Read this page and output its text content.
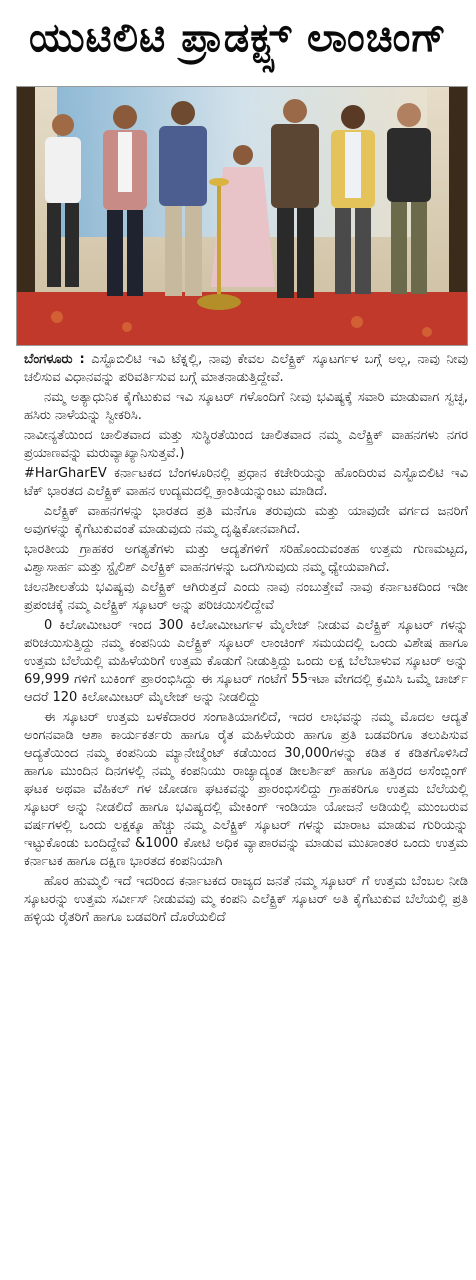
ಯುಟಿಲಿಟಿ ಪ್ರಾಡಕ್ಟ್ಸ್ ಲಾಂಚಿಂಗ್

ಬೆಂಗಳೂರು : ಎಸ್ಟೊಬಿಲಿಟಿ ಇವಿ ಟೆಕ್ನಲ್ಲಿ, ನಾವು ಕೇವಲ ಎಲೆಕ್ಟ್ರಿಕ್ ಸ್ಕೂಟರ್ಗಳ ಬಗ್ಗೆ ಅಲ್ಲ, ನಾವು ನೀವು ಚಲಿಸುವ ವಿಧಾನವನ್ನು ಪರಿವರ್ತಿಸುವ ಬಗ್ಗೆ ಮಾತನಾಡುತ್ತಿದ್ದೇವೆ.

ನಮ್ಮ ಅತ್ಯಾಧುನಿಕ ಕೈಗೆಟುಕುವ ಇವಿ ಸ್ಕೂಟರ್ ಗಳೊಂದಿಗೆ ನೀವು ಭವಿಷ್ಯಕ್ಕೆ ಸವಾರಿ ಮಾಡುವಾಗ ಸ್ವಚ್ಛ, ಹಸಿರು ನಾಳೆಯನ್ನು ಸ್ವೀಕರಿಸಿ.

ನಾವೀನ್ಯತೆಯಿಂದ ಚಾಲಿತವಾದ ಮತ್ತು ಸುಸ್ಥಿರತೆಯಿಂದ ಚಾಲಿತವಾದ ನಮ್ಮ ಎಲೆಕ್ಟ್ರಿಕ್ ವಾಹನಗಳು ನಗರ ಪ್ರಯಾಣವನ್ನು ಮರುವ್ಯಾಖ್ಯಾನಿಸುತ್ತವೆ.)

#HarGharEV ಕರ್ನಾಟಕದ ಬೆಂಗಳೂರಿನಲ್ಲಿ ಪ್ರಧಾನ ಕಚೇರಿಯನ್ನು ಹೊಂದಿರುವ ಎಸ್ಟೊಬಿಲಿಟಿ ಇವಿ ಟೆಕ್ ಭಾರತದ ಎಲೆಕ್ಟ್ರಿಕ್ ವಾಹನ ಉದ್ಯಮದಲ್ಲಿ ಕ್ರಾಂತಿಯನ್ನುಂಟು ಮಾಡಿದೆ.

ಎಲೆಕ್ಟ್ರಿಕ್ ವಾಹನಗಳನ್ನು ಭಾರತದ ಪ್ರತಿ ಮನೆಗೂ ತರುವುದು ಮತ್ತು ಯಾವುದೇ ವರ್ಗದ ಜನರಿಗೆ ಅವುಗಳನ್ನು ಕೈಗೆಟುಕುವಂತೆ ಮಾಡುವುದು ನಮ್ಮ ದೃಷ್ಟಿಕೋನವಾಗಿದೆ.

ಭಾರತೀಯ ಗ್ರಾಹಕರ ಅಗತ್ಯತೆಗಳು ಮತ್ತು ಆದ್ಯತೆಗಳಿಗೆ ಸರಿಹೊಂದುವಂತಹ ಉತ್ತಮ ಗುಣಮಟ್ಟದ, ವಿಶ್ವಾಸಾರ್ಹ ಮತ್ತು ಸ್ಟೈಲಿಶ್ ಎಲೆಕ್ಟ್ರಿಕ್ ವಾಹನಗಳನ್ನು ಒದಗಿಸುವುದು ನಮ್ಮ ಧ್ಯೇಯವಾಗಿದೆ.

ಚಲನಶೀಲತೆಯ ಭವಿಷ್ಯವು ಎಲೆಕ್ಟ್ರಿಕ್ ಆಗಿರುತ್ತದೆ ಎಂದು ನಾವು ನಂಬುತ್ತೇವೆ ನಾವು ಕರ್ನಾಟಕದಿಂದ ಇಡೀ ಪ್ರಪಂಚಕ್ಕೆ ನಮ್ಮ ಎಲೆಕ್ಟ್ರಿಕ್ ಸ್ಕೂಟರ್ ಅನ್ನು ಪರಿಚಯಿಸಲಿದ್ದೇವೆ

0 ಕಿಲೋಮೀಟರ್ ಇಂದ 300 ಕಿಲೋಮೀಟರ್ಗಳ ಮೈಲೇಜ್ ನೀಡುವ ಎಲೆಕ್ಟ್ರಿಕ್ ಸ್ಕೂಟರ್ ಗಳನ್ನು ಪರಿಚಯಿಸುತ್ತಿದ್ದು ನಮ್ಮ ಕಂಪನಿಯ ಎಲೆಕ್ಟ್ರಿಕ್ ಸ್ಕೂಟರ್ ಲಾಂಚಿಂಗ್ ಸಮಯದಲ್ಲಿ ಒಂದು ವಿಶೇಷ ಹಾಗೂ ಉತ್ತಮ ಬೆಲೆಯಲ್ಲಿ ಮಹಿಳೆಯರಿಗೆ ಉತ್ತಮ ಕೊಡುಗೆ ನೀಡುತ್ತಿದ್ದು ಒಂದು ಲಕ್ಷ ಬೆಲೆಬಾಳುವ ಸ್ಕೂಟರ್ ಅನ್ನು 69,999 ಗಳಿಗೆ ಬುಕಿಂಗ್ ಪ್ರಾರಂಭಿಸಿದ್ದು ಈ ಸ್ಕೂಟರ್ ಗಂಟೆಗೆ 55ಇಟಾ ವೇಗದಲ್ಲಿ ಕ್ರಮಿಸಿ ಒಮ್ಮೆ ಚಾರ್ಜ್ ಆದರೆ 120 ಕಿಲೋಮೀಟರ್ ಮೈಲೇಜ್ ಅನ್ನು ನೀಡಲಿದ್ದು

ಈ ಸ್ಕೂಟರ್ ಉತ್ತಮ ಬಳಕೆದಾರರ ಸಂಗಾತಿಯಾಗಲಿದೆ, ಇದರ ಲಾಭವನ್ನು ನಮ್ಮ ಮೊದಲ ಆದ್ಯತೆ ಅಂಗನವಾಡಿ ಆಶಾ ಕಾರ್ಯಕರ್ತರು ಹಾಗೂ ರೈತ ಮಹಿಳೆಯರು ಹಾಗೂ ಪ್ರತಿ ಬಡವರಿಗೂ ತಲುಪಿಸುವ ಆದ್ಯತೆಯಿಂದ ನಮ್ಮ ಕಂಪನಿಯ ಮ್ಯಾನೇಜ್ಮೆಂಟ್ ಕಡೆಯಿಂದ 30,000ಗಳನ್ನು ಕಡಿತ ಕ ಕಡಿತಗೊಳಿಸಿದೆ ಹಾಗೂ ಮುಂದಿನ ದಿನಗಳಲ್ಲಿ ನಮ್ಮ ಕಂಪನಿಯು ರಾಜ್ಯಾದ್ಯಂತ ಡೀಲರ್ಶಿಪ್ ಹಾಗೂ ಹತ್ತಿರದ ಅಸೆಂಬ್ಲಿಂಗ್ ಘಟಕ ಅಥವಾ ವೆಹಿಕಲ್ ಗಳ ಜೋಡಣ ಘಟಕವನ್ನು ಪ್ರಾರಂಭಿಸಲಿದ್ದು ಗ್ರಾಹಕರಿಗೂ ಉತ್ತಮ ಬೆಲೆಯಲ್ಲಿ ಸ್ಕೂಟರ್ ಅನ್ನು ನೀಡಲಿದೆ ಹಾಗೂ ಭವಿಷ್ಯದಲ್ಲಿ ಮೇಕಿಂಗ್ ಇಂಡಿಯಾ ಯೋಜನೆ ಅಡಿಯಲ್ಲಿ ಮುಂಬರುವ ವರ್ಷಗಳಲ್ಲಿ ಒಂದು ಲಕ್ಷಕ್ಕೂ ಹೆಚ್ಚು ನಮ್ಮ ಎಲೆಕ್ಟ್ರಿಕ್ ಸ್ಕೂಟರ್ ಗಳನ್ನು ಮಾರಾಟ ಮಾಡುವ ಗುರಿಯನ್ನು ಇಟ್ಟುಕೊಂಡು ಬಂದಿದ್ದೇವೆ &1000 ಕೋಟಿ ಅಧಿಕ ವ್ಯಾಪಾರವನ್ನು ಮಾಡುವ ಮುಖಾಂತರ ಒಂದು ಉತ್ತಮ ಕರ್ನಾಟಕ ಹಾಗೂ ದಕ್ಷಿಣ ಭಾರತದ ಕಂಪನಿಯಾಗಿ

ಹೊರ ಹುಮ್ಮಲಿ ಇದೆ ಇದರಿಂದ ಕರ್ನಾಟಕದ ರಾಜ್ಯದ ಜನತೆ ನಮ್ಮ ಸ್ಕೂಟರ್ ಗೆ ಉತ್ತಮ ಬೆಂಬಲ ನೀಡಿ ಸ್ಕೂಟರನ್ನು ಉತ್ತಮ ಸರ್ವೀಸ್ ನೀಡುವವು ಮ್ಮ ಕಂಪನಿ ಎಲೆಕ್ಟ್ರಿಕ್ ಸ್ಕೂಟರ್ ಅತಿ ಕೈಗೆಟುಕುವ ಬೆಲೆಯಲ್ಲಿ ಪ್ರತಿ ಹಳ್ಳಿಯ ರೈತರಿಗೆ ಹಾಗೂ ಬಡವರಿಗೆ ದೊರೆಯಲಿದೆ
